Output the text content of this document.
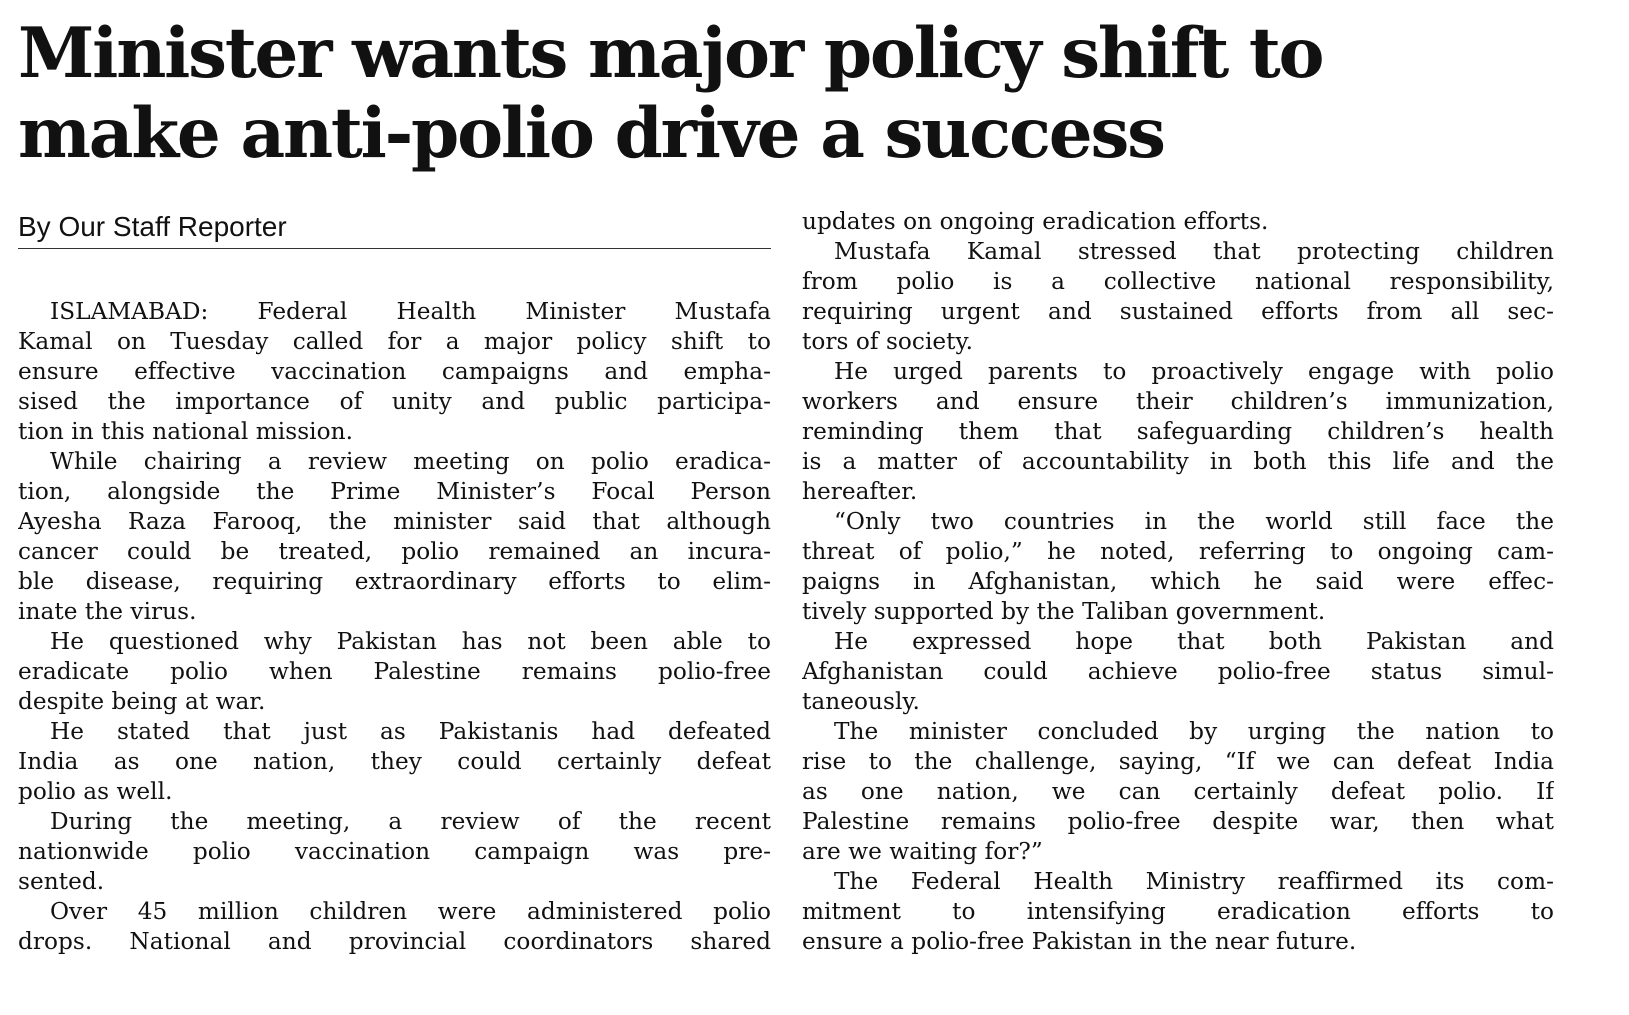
Minister wants major policy shift to
make anti-polio drive a success
By Our Staff Reporter
ISLAMABAD: Federal Health Minister Mustafa
Kamal on Tuesday called for a major policy shift to
ensure effective vaccination campaigns and empha-
sised the importance of unity and public participa-
tion in this national mission.
While chairing a review meeting on polio eradica-
tion, alongside the Prime Minister’s Focal Person
Ayesha Raza Farooq, the minister said that although
cancer could be treated, polio remained an incura-
ble disease, requiring extraordinary efforts to elim-
inate the virus.
He questioned why Pakistan has not been able to
eradicate polio when Palestine remains polio-free
despite being at war.
He stated that just as Pakistanis had defeated
India as one nation, they could certainly defeat
polio as well.
During the meeting, a review of the recent
nationwide polio vaccination campaign was pre-
sented.
Over 45 million children were administered polio
drops. National and provincial coordinators shared
updates on ongoing eradication efforts.
Mustafa Kamal stressed that protecting children
from polio is a collective national responsibility,
requiring urgent and sustained efforts from all sec-
tors of society.
He urged parents to proactively engage with polio
workers and ensure their children’s immunization,
reminding them that safeguarding children’s health
is a matter of accountability in both this life and the
hereafter.
“Only two countries in the world still face the
threat of polio,” he noted, referring to ongoing cam-
paigns in Afghanistan, which he said were effec-
tively supported by the Taliban government.
He expressed hope that both Pakistan and
Afghanistan could achieve polio-free status simul-
taneously.
The minister concluded by urging the nation to
rise to the challenge, saying, “If we can defeat India
as one nation, we can certainly defeat polio. If
Palestine remains polio-free despite war, then what
are we waiting for?”
The Federal Health Ministry reaffirmed its com-
mitment to intensifying eradication efforts to
ensure a polio-free Pakistan in the near future.
